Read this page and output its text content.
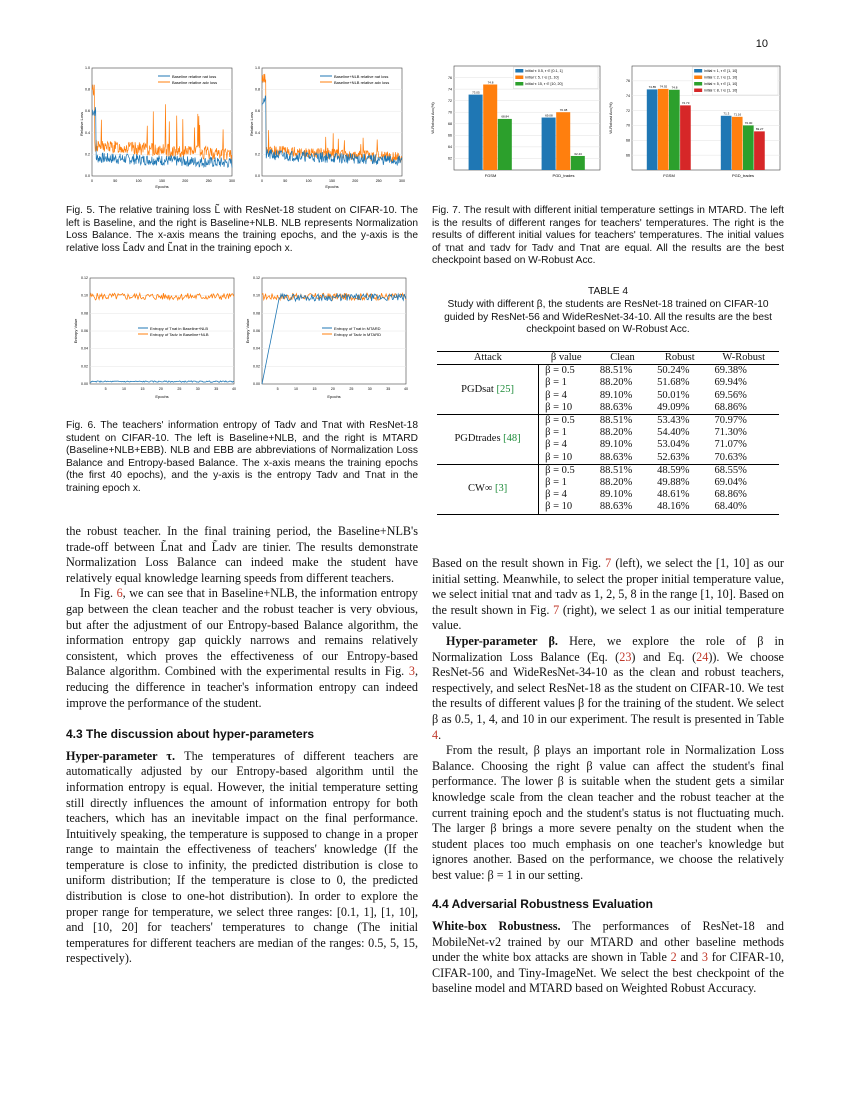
10
Baseline relative nat loss
Baseline relative adv loss
Relative Loss
Epochs
0.0
0.2
0.4
0.6
0.8
1.0
0	50	100	150	200	250	300
Baseline+NLB relative nat loss
Baseline+NLB relative adv loss
Relative Loss
Epochs
0.0
0.2
0.4
0.6
0.8
1.0
0	50	100	150	200	250	300
Fig. 5. The relative training loss L̃ with ResNet-18 student on CIFAR-10. The left is Baseline, and the right is Baseline+NLB. NLB represents Normalization Loss Balance. The x-axis means the training epochs, and the y-axis is the relative loss L̃adv and L̃nat in the training epoch x.
Entropy of Tnat in Baseline+NLB
Entropy of Tadv in Baseline+NLB
Entropy Value
Epochs
0.00
0.02
0.04
0.06
0.08
0.10
0.12
5	10	15	20	25	30	35	40
Entropy of Tnat in MTARD
Entropy of Tadv in MTARD
Entropy Value
Epochs
0.00
0.02
0.04
0.06
0.08
0.10
0.12
5	10	15	20	25	30	35	40
Fig. 6. The teachers' information entropy of Tadv and Tnat with ResNet-18 student on CIFAR-10. The left is Baseline+NLB, and the right is MTARD (Baseline+NLB+EBB). NLB and EBB are abbreviations of Normalization Loss Balance and Entropy-based Balance. The x-axis means the training epochs (the first 40 epochs), and the y-axis is the entropy Tadv and Tnat in the training epoch x.

the robust teacher. In the final training period, the Baseline+NLB's trade-off between L̃nat and L̃adv are tinier. The results demonstrate Normalization Loss Balance can indeed make the student have relatively equal knowledge learning speeds from different teachers.

In Fig. 6, we can see that in Baseline+NLB, the information entropy gap between the clean teacher and the robust teacher is very obvious, but after the adjustment of our Entropy-based Balance algorithm, the information entropy gap quickly narrows and remains relatively consistent, which proves the effectiveness of our Entropy-based Balance algorithm. Combined with the experimental results in Fig. 3, reducing the difference in teacher's information entropy can indeed improve the performance of the student.

4.3 The discussion about hyper-parameters

Hyper-parameter τ. The temperatures of different teachers are automatically adjusted by our Entropy-based algorithm until the information entropy is equal. However, the initial temperature setting still directly influences the amount of information entropy for both teachers, which has an inevitable impact on the final performance. Intuitively speaking, the temperature is supposed to change in a proper range to maintain the effectiveness of teachers' knowledge (If the temperature is close to infinity, the predicted distribution is close to uniform distribution; If the temperature is close to 0, the predicted distribution is close to one-hot distribution). In order to explore the proper range for temperature, we select three ranges: [0.1, 1], [1, 10], and [10, 20] for teachers' temperatures to change (The initial temperatures for different teachers are median of the ranges: 0.5, 5, 15, respectively).

62
64
66
68
70
72
74
76
W-Robust Acc(%)
73.05
74.8
68.84
FGSM
69.08
70.08
62.43
PGD_trades
initial τ: 0.5, τ ∈ [0.1, 1]
initial τ: 5, τ ∈ [1, 10]
initial τ: 15, τ ∈ [10, 20]
66
68
70
72
74
76
W-Robust Acc(%)
74.85 74.92 74.8
72.73
FGSM
71.3 71.16
70.00
69.27
PGD_trades
initial τ: 1, τ ∈ [1, 10]
initial τ: 2, τ ∈ [1, 10]
initial τ: 5, τ ∈ [1, 10]
initial τ: 8, τ ∈ [1, 10]
Fig. 7. The result with different initial temperature settings in MTARD. The left is the results of different ranges for teachers' temperatures. The right is the results of different initial values for teachers' temperatures. The initial values of τnat and τadv for Tadv and Tnat are equal. All the results are the best checkpoint based on W-Robust Acc.
TABLE 4
Study with different β, the students are ResNet-18 trained on CIFAR-10 guided by ResNet-56 and WideResNet-34-10. All the results are the best checkpoint based on W-Robust Acc.
Attack	β value	Clean	Robust	W-Robust
PGDsat [25]	β = 0.5	88.51%	50.24%	69.38%
	β = 1	88.20%	51.68%	69.94%
	β = 4	89.10%	50.01%	69.56%
	β = 10	88.63%	49.09%	68.86%
PGDtrades [48]	β = 0.5	88.51%	53.43%	70.97%
	β = 1	88.20%	54.40%	71.30%
	β = 4	89.10%	53.04%	71.07%
	β = 10	88.63%	52.63%	70.63%
CW∞ [3]	β = 0.5	88.51%	48.59%	68.55%
	β = 1	88.20%	49.88%	69.04%
	β = 4	89.10%	48.61%	68.86%
	β = 10	88.63%	48.16%	68.40%

Based on the result shown in Fig. 7 (left), we select the [1, 10] as our initial setting. Meanwhile, to select the proper initial temperature value, we select initial τnat and τadv as 1, 2, 5, 8 in the range [1, 10]. Based on the result shown in Fig. 7 (right), we select 1 as our initial temperature value.

Hyper-parameter β. Here, we explore the role of β in Normalization Loss Balance (Eq. (23) and Eq. (24)). We choose ResNet-56 and WideResNet-34-10 as the clean and robust teachers, respectively, and select ResNet-18 as the student on CIFAR-10. We test the results of different values β for the training of the student. We select β as 0.5, 1, 4, and 10 in our experiment. The result is presented in Table 4.

From the result, β plays an important role in Normalization Loss Balance. Choosing the right β value can affect the student's final performance. The lower β is suitable when the student gets a similar knowledge scale from the clean teacher and the robust teacher at the current training epoch and the student's status is not fluctuating much. The larger β brings a more severe penalty on the student when the student places too much emphasis on one teacher's knowledge but ignores another. Based on the performance, we choose the relatively best value: β = 1 in our setting.

4.4 Adversarial Robustness Evaluation

White-box Robustness. The performances of ResNet-18 and MobileNet-v2 trained by our MTARD and other baseline methods under the white box attacks are shown in Table 2 and 3 for CIFAR-10, CIFAR-100, and Tiny-ImageNet. We select the best checkpoint of the baseline model and MTARD based on Weighted Robust Accuracy.
